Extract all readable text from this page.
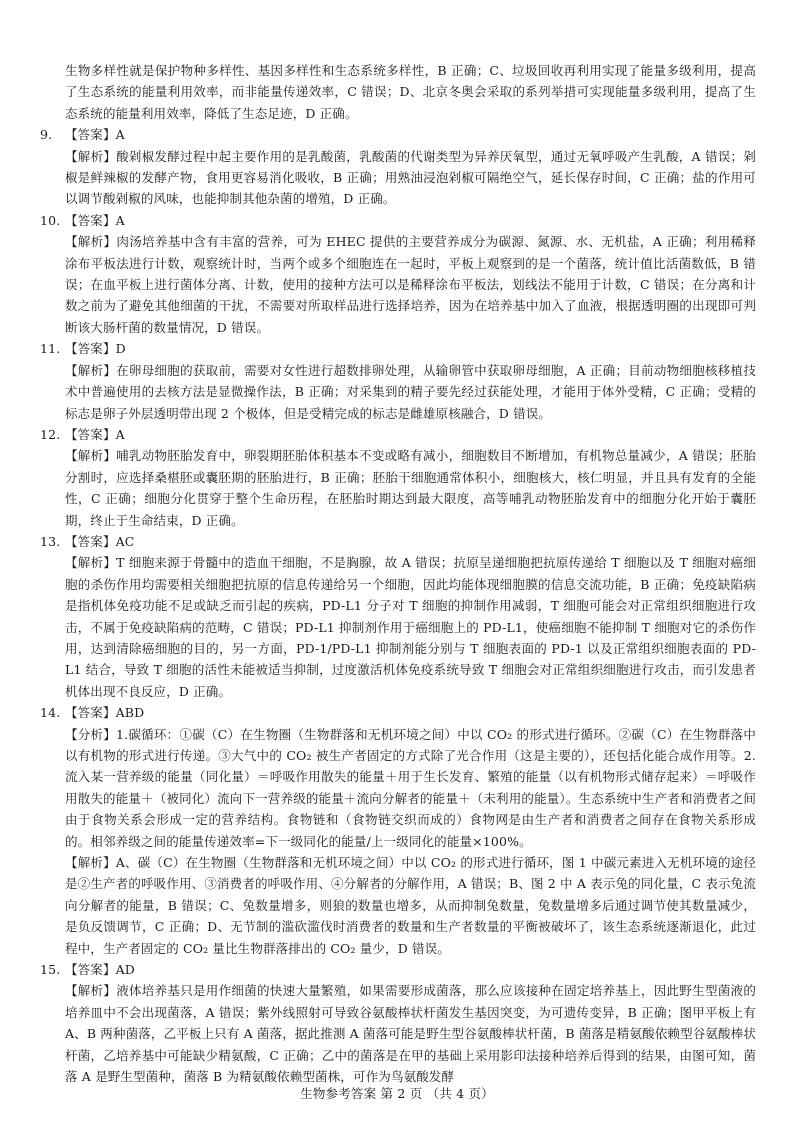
生物多样性就是保护物种多样性、基因多样性和生态系统多样性，B 正确；C、垃圾回收再利用实现了能量多级利用，提高了生态系统的能量利用效率，而非能量传递效率，C 错误；D、北京冬奥会采取的系列举措可实现能量多级利用，提高了生态系统的能量利用效率，降低了生态足迹，D 正确。

9. 【答案】A

【解析】酸剁椒发酵过程中起主要作用的是乳酸菌，乳酸菌的代谢类型为异养厌氧型，通过无氧呼吸产生乳酸，A 错误；剁椒是鲜辣椒的发酵产物，食用更容易消化吸收，B 正确；用熟油浸泡剁椒可隔绝空气，延长保存时间，C 正确；盐的作用可以调节酸剁椒的风味，也能抑制其他杂菌的增殖，D 正确。

10. 【答案】A

【解析】肉汤培养基中含有丰富的营养，可为 EHEC 提供的主要营养成分为碳源、氮源、水、无机盐，A 正确；利用稀释涂布平板法进行计数，观察统计时，当两个或多个细胞连在一起时，平板上观察到的是一个菌落，统计值比活菌数低，B 错误；在血平板上进行菌体分离、计数，使用的接种方法可以是稀释涂布平板法，划线法不能用于计数，C 错误；在分离和计数之前为了避免其他细菌的干扰，不需要对所取样品进行选择培养，因为在培养基中加入了血液，根据透明圈的出现即可判断该大肠杆菌的数量情况，D 错误。

11. 【答案】D

【解析】在卵母细胞的获取前，需要对女性进行超数排卵处理，从输卵管中获取卵母细胞，A 正确；目前动物细胞核移植技术中普遍使用的去核方法是显微操作法，B 正确；对采集到的精子要先经过获能处理，才能用于体外受精，C 正确；受精的标志是卵子外层透明带出现 2 个极体，但是受精完成的标志是雌雄原核融合，D 错误。

12. 【答案】A

【解析】哺乳动物胚胎发育中，卵裂期胚胎体积基本不变或略有减小，细胞数目不断增加，有机物总量减少，A 错误；胚胎分割时，应选择桑椹胚或囊胚期的胚胎进行，B 正确；胚胎干细胞通常体积小，细胞核大，核仁明显，并且具有发育的全能性，C 正确；细胞分化贯穿于整个生命历程，在胚胎时期达到最大限度，高等哺乳动物胚胎发育中的细胞分化开始于囊胚期，终止于生命结束，D 正确。

13. 【答案】AC

【解析】T 细胞来源于骨髓中的造血干细胞，不是胸腺，故 A 错误；抗原呈递细胞把抗原传递给 T 细胞以及 T 细胞对癌细胞的杀伤作用均需要相关细胞把抗原的信息传递给另一个细胞，因此均能体现细胞膜的信息交流功能，B 正确；免疫缺陷病是指机体免疫功能不足或缺乏而引起的疾病，PD-L1 分子对 T 细胞的抑制作用减弱，T 细胞可能会对正常组织细胞进行攻击，不属于免疫缺陷病的范畴，C 错误；PD-L1 抑制剂作用于癌细胞上的 PD-L1，使癌细胞不能抑制 T 细胞对它的杀伤作用，达到清除癌细胞的目的，另一方面，PD-1/PD-L1 抑制剂能分别与 T 细胞表面的 PD-1 以及正常组织细胞表面的 PD-L1 结合，导致 T 细胞的活性未能被适当抑制，过度激活机体免疫系统导致 T 细胞会对正常组织细胞进行攻击，而引发患者机体出现不良反应，D 正确。

14. 【答案】ABD

【分析】1.碳循环：①碳（C）在生物圈（生物群落和无机环境之间）中以 CO₂ 的形式进行循环。②碳（C）在生物群落中以有机物的形式进行传递。③大气中的 CO₂ 被生产者固定的方式除了光合作用（这是主要的），还包括化能合成作用等。2.流入某一营养级的能量（同化量）＝呼吸作用散失的能量＋用于生长发育、繁殖的能量（以有机物形式储存起来）＝呼吸作用散失的能量＋（被同化）流向下一营养级的能量＋流向分解者的能量＋（未利用的能量）。生态系统中生产者和消费者之间由于食物关系会形成一定的营养结构。食物链和（食物链交织而成的）食物网是由生产者和消费者之间存在食物关系形成的。相邻养级之间的能量传递效率=下一级同化的能量/上一级同化的能量×100%。

【解析】A、碳（C）在生物圈（生物群落和无机环境之间）中以 CO₂ 的形式进行循环，图 1 中碳元素进入无机环境的途径是②生产者的呼吸作用、③消费者的呼吸作用、④分解者的分解作用，A 错误；B、图 2 中 A 表示兔的同化量，C 表示兔流向分解者的能量，B 错误；C、兔数量增多，则狼的数量也增多，从而抑制兔数量，兔数量增多后通过调节使其数量减少，是负反馈调节，C 正确；D、无节制的滥砍滥伐时消费者的数量和生产者数量的平衡被破坏了，该生态系统逐渐退化，此过程中，生产者固定的 CO₂ 量比生物群落排出的 CO₂ 量少，D 错误。

15. 【答案】AD

【解析】液体培养基只是用作细菌的快速大量繁殖，如果需要形成菌落，那么应该接种在固定培养基上，因此野生型菌液的培养皿中不会出现菌落，A 错误；紫外线照射可导致谷氨酸棒状杆菌发生基因突变，为可遗传变异，B 正确；图甲平板上有 A、B 两种菌落，乙平板上只有 A 菌落，据此推测 A 菌落可能是野生型谷氨酸棒状杆菌，B 菌落是精氨酸依赖型谷氨酸棒状杆菌，乙培养基中可能缺少精氨酸，C 正确；乙中的菌落是在甲的基础上采用影印法接种培养后得到的结果，由图可知，菌落 A 是野生型菌种，菌落 B 为精氨酸依赖型菌株，可作为鸟氨酸发酵

生物参考答案 第 2 页 （共 4 页）
